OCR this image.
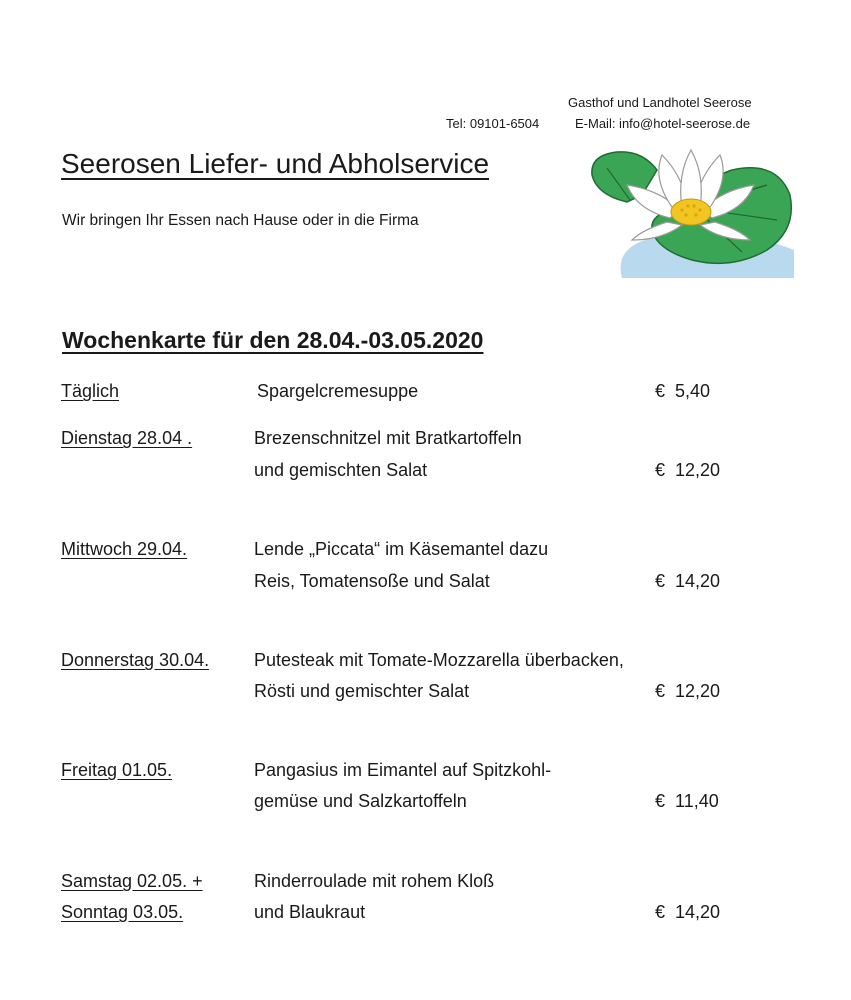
Gasthof und Landhotel Seerose
Tel: 09101-6504	E-Mail: info@hotel-seerose.de
Seerosen Liefer- und Abholservice
Wir bringen Ihr Essen nach Hause oder in die Firma
Wochenkarte für den 28.04.-03.05.2020
Täglich	Spargelcremesuppe	€  5,40
Dienstag 28.04 .	Brezenschnitzel mit Bratkartoffeln
und gemischten Salat	€  12,20
Mittwoch 29.04.	Lende „Piccata“ im Käsemantel dazu
Reis, Tomatensoße und Salat	€  14,20
Donnerstag 30.04. Putesteak mit Tomate-Mozzarella überbacken,
Rösti und gemischter Salat	€  12,20
Freitag 01.05.	Pangasius im Eimantel auf Spitzkohl-
gemüse und Salzkartoffeln	€  11,40
Samstag 02.05. +
Sonntag 03.05.
Rinderroulade mit rohem Kloß
und Blaukraut	€  14,20
